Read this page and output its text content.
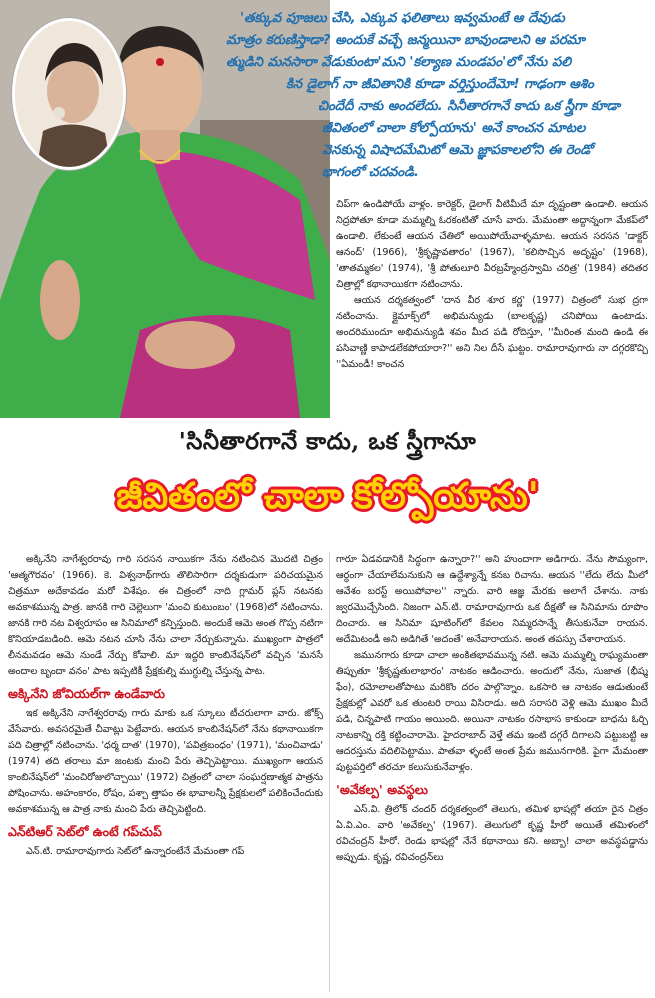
'తక్కువ పూజలు చేసి, ఎక్కువ ఫలితాలు ఇవ్వమంటే ఆ దేవుడు

మాత్రం కరుణిస్తాడా? అందుకే వచ్చే జన్మయినా బావుండాలని ఆ పరమా

త్ముడిని మనసారా వేడుకుంటా'మని 'కల్యాణ మండపం'లో నేను పలి

కిన డైలాగ్ నా జీవితానికి కూడా వర్తిస్తుందేమో! గాఢంగా ఆశిం

చిందేదీ నాకు అందలేదు. సినీతారగానే కాదు ఒక స్త్రీగా కూడా

జీవితంలో చాలా కోల్పోయాను' అనే కాంచన మాటల

వెనకున్న విషాదమేమిటో ఆమె జ్ఞాపకాలలోని ఈ రెండో

భాగంలో చదవండి.

చిప్‌గా ఉండిపోయే వాళ్లం. కారెక్టర్, డైలాగ్ వీటిమీదే మా దృష్టంతా ఉండాలి. ఆయన నిద్రపోతూ కూడా మమ్మల్ని ఓరకంటితో చూసే వారు. మేమంతా అద్దాన్నంగా మేకప్‌లో ఉండాలి. లేకుంటే ఆయన చేతిలో అయిపోయేవాళ్ళమాట. ఆయన సరసన 'డాక్టర్ ఆనంద్' (1966), 'శ్రీకృష్ణావతారం' (1967), 'కలిసొచ్చిన అదృష్టం' (1968), 'తాతమ్మకల' (1974), 'శ్రీ పోతులూరి వీరబ్రహ్మేంద్రస్వామి చరిత్ర' (1984) తదితర చిత్రాల్లో కథానాయికగా నటించాను.

ఆయన దర్శకత్వంలో 'దాన వీర శూర కర్ణ' (1977) చిత్రంలో సుభ ద్రగా నటించాను. క్లైమాక్స్‌లో అభిమన్యుడు (బాలకృష్ణ) చనిపోయి ఉంటాడు. అందరిముందూ అభిమన్యుడి శవం మీద పడి రోదిస్తూ, ''మీరింత మంది ఉండి ఈ పసివాణ్ణి కాపాడలేకపోయారా?'' అని నిల దీసే ఘట్టం. రామారావుగారు నా దగ్గరకొచ్చి ''ఏమండీ! కాంచన

'సినీతారగానే కాదు, ఒక స్త్రీగానూ
జీవితంలో చాలా కోల్పోయాను'

అక్కినేని నాగేశ్వరరావు గారి సరసన నాయికగా నేను నటించిన మొదటి చిత్రం 'ఆత్మగౌరవం' (1966). కె. విశ్వనాథ్‌గారు తొలిసారిగా దర్శకుడుగా పరిచయమైన చిత్రమూ అదేకావడం మరో విశేషం. ఈ చిత్రంలో నాది గ్లామర్ ప్లస్ నటనకు అవకాశమున్న పాత్ర. జానకి గారి చెల్లెలుగా 'మంచి కుటుంబం' (1968)లో నటించాను. జానకి గారి నట విశ్వరూపం ఆ సినిమాలో కన్పిస్తుంది. అందుకే ఆమె అంత గొప్ప నటిగా కొనియాడబడింది. ఆమె నటన చూసి నేను చాలా నేర్చుకున్నాను. ముఖ్యంగా పాత్రలో లీనమవడం ఆమె నుండే నేర్చు కోవాలి. మా ఇద్దరి కాంబినేషన్‌లో వచ్చిన 'మనసే అందాల బృందా వనం' పాట ఇప్పటికీ ప్రేక్షకుల్ని ముగ్ధుల్ని చేస్తున్న పాట.

అక్కినేని జోవియల్‌గా ఉండేవారు

ఇక అక్కినేని నాగేశ్వరరావు గారు మాకు ఒక స్కూలు టీచరులాగా వారు. జోక్స్ వేసేవారు. అవసరమైతే చీవాట్లు పెట్టేవారు. ఆయన కాంబినేషన్‌లో నేను కథానాయికగా పది చిత్రాల్లో నటించాను. 'ధర్మ దాత' (1970), 'పవిత్రబంధం' (1971), 'మంచివాడు' (1974) తది తరాలు మా జంటకు మంచి పేరు తెచ్చిపెట్టాయి. ముఖ్యంగా ఆయన కాంబినేషన్‌లో 'మంచిరోజులొచ్చాయి' (1972) చిత్రంలో చాలా సంఘర్షణాత్మక పాత్రను పోషించాను. అహంకారం, రోషం, పశ్చా త్తాపం ఈ భావాలన్నీ ప్రేక్షకులలో పలికించేందుకు అవకాశమున్న ఆ పాత్ర నాకు మంచి పేరు తెచ్చిపెట్టింది.

ఎన్‌టిఆర్ సెట్‌లో ఉంటే గప్‌చుప్

ఎన్.టి. రామారావుగారు సెట్‌లో ఉన్నారంటేనే మేమంతా గప్

గారూ ఏడవడానికి సిద్ధంగా ఉన్నారా?'' అని హుందాగా అడిగారు. నేను సౌమ్యంగా, ఆర్ధంగా చేయాలేమనుకుని ఆ ఉద్దేశ్యాన్నే కనబ రిచాను. ఆయన ''లేదు లేదు మీలో ఆవేశం బరస్ట్ అయిపోవాల'' న్నారు. వారి ఆజ్ఞ మేరకు అలాగే చేశాను. నాకు జ్వరమొచ్చేసింది. నిజంగా ఎన్.టి. రామారావుగారు ఒక దీక్షతో ఆ సినిమాను రూపొం దించారు. ఆ సినిమా షూటింగ్‌లో కేవలం నిమ్మరసాన్నే తీసుకునేవా రాయన. అదేమిటండీ అని అడిగితే 'అదంతే' అనేవారాయన. అంత తపస్సు చేశారాయన.

జమునగారు కూడా చాలా అంకితభావమున్న నటి. ఆమె మమ్మల్ని రాఘ్యమంతా తిప్పుతూ 'శ్రీకృష్ణతులాభారం' నాటకం ఆడించారు. అందులో నేను, సుజాత (భీష్మ ఫేం), రమోలాలతోపాటు మరికొం దరం పాల్గొన్నాం. ఒకసారి ఆ నాటకం ఆడుతుంటే ప్రేక్షకుల్లో ఎవరో ఒక తుంటరి రాయి విసిరాడు. అది సరాసరి వెళ్లి ఆమె ముఖం మీదే పడి, చిన్నపాటి గాయం అయింది. అయినా నాటకం రసాభాస కాకుండా బాధను ఓర్చి నాటకాన్ని రక్తి కట్టించారామె. హైదరాబాద్ వెళ్తే తమ ఇంటి దగ్గరే దిగాలని పట్టుబట్టి ఆ ఆదరస్తును వదిలిపెట్టాము. పాతవా ళ్ళంటే అంత ప్రేమ జమునగారికి. పైగా మేమంతా పుట్టపర్తిలో తరచూ కలుసుకునేవాళ్లం.

'అవేకల్ప' అవస్థలు

ఎస్.వి. త్రిలోక్ చందర్ దర్శకత్వంలో తెలుగు, తమిళ భాషల్లో తయా రైన చిత్రం ఏ.వి.ఎం. వారి 'అవేకల్ప' (1967). తెలుగులో కృష్ణ హీరో అయితే తమిళంలో రవిచంద్రన్ హీరో. రెండు భాషల్లో నేనే కథానాయి కని. అబ్బా! చాలా అవస్థపడ్డాను అప్పుడు. కృష్ణ, రవిచంద్రన్‌లు
